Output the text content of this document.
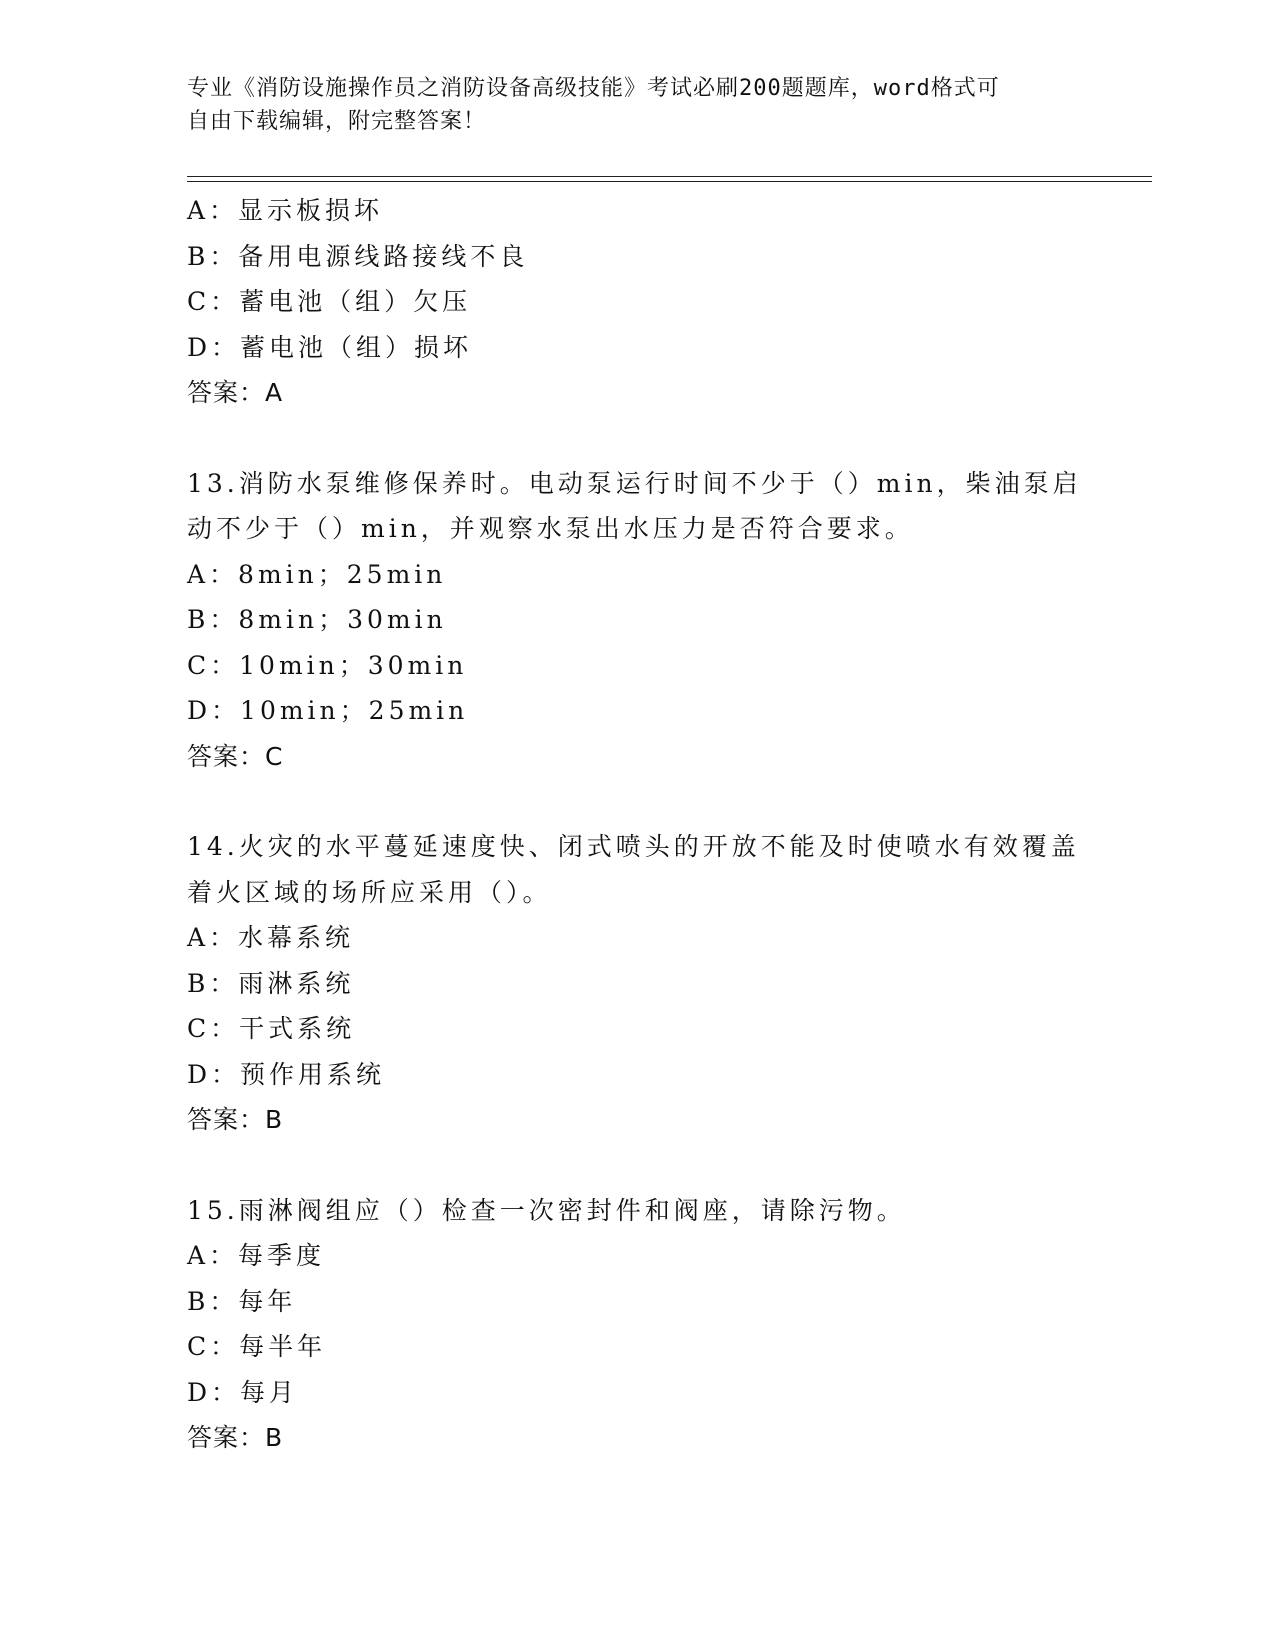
专业《消防设施操作员之消防设备高级技能》考试必刷200题题库，word格式可
自由下载编辑，附完整答案！
A：显示板损坏
B：备用电源线路接线不良
C：蓄电池（组）欠压
D：蓄电池（组）损坏
答案：A
13.消防水泵维修保养时。电动泵运行时间不少于（）min，柴油泵启
动不少于（）min，并观察水泵出水压力是否符合要求。
A：8min；25min
B：8min；30min
C：10min；30min
D：10min；25min
答案：C
14.火灾的水平蔓延速度快、闭式喷头的开放不能及时使喷水有效覆盖
着火区域的场所应采用（）。
A：水幕系统
B：雨淋系统
C：干式系统
D：预作用系统
答案：B
15.雨淋阀组应（）检查一次密封件和阀座，请除污物。
A：每季度
B：每年
C：每半年
D：每月
答案：B
